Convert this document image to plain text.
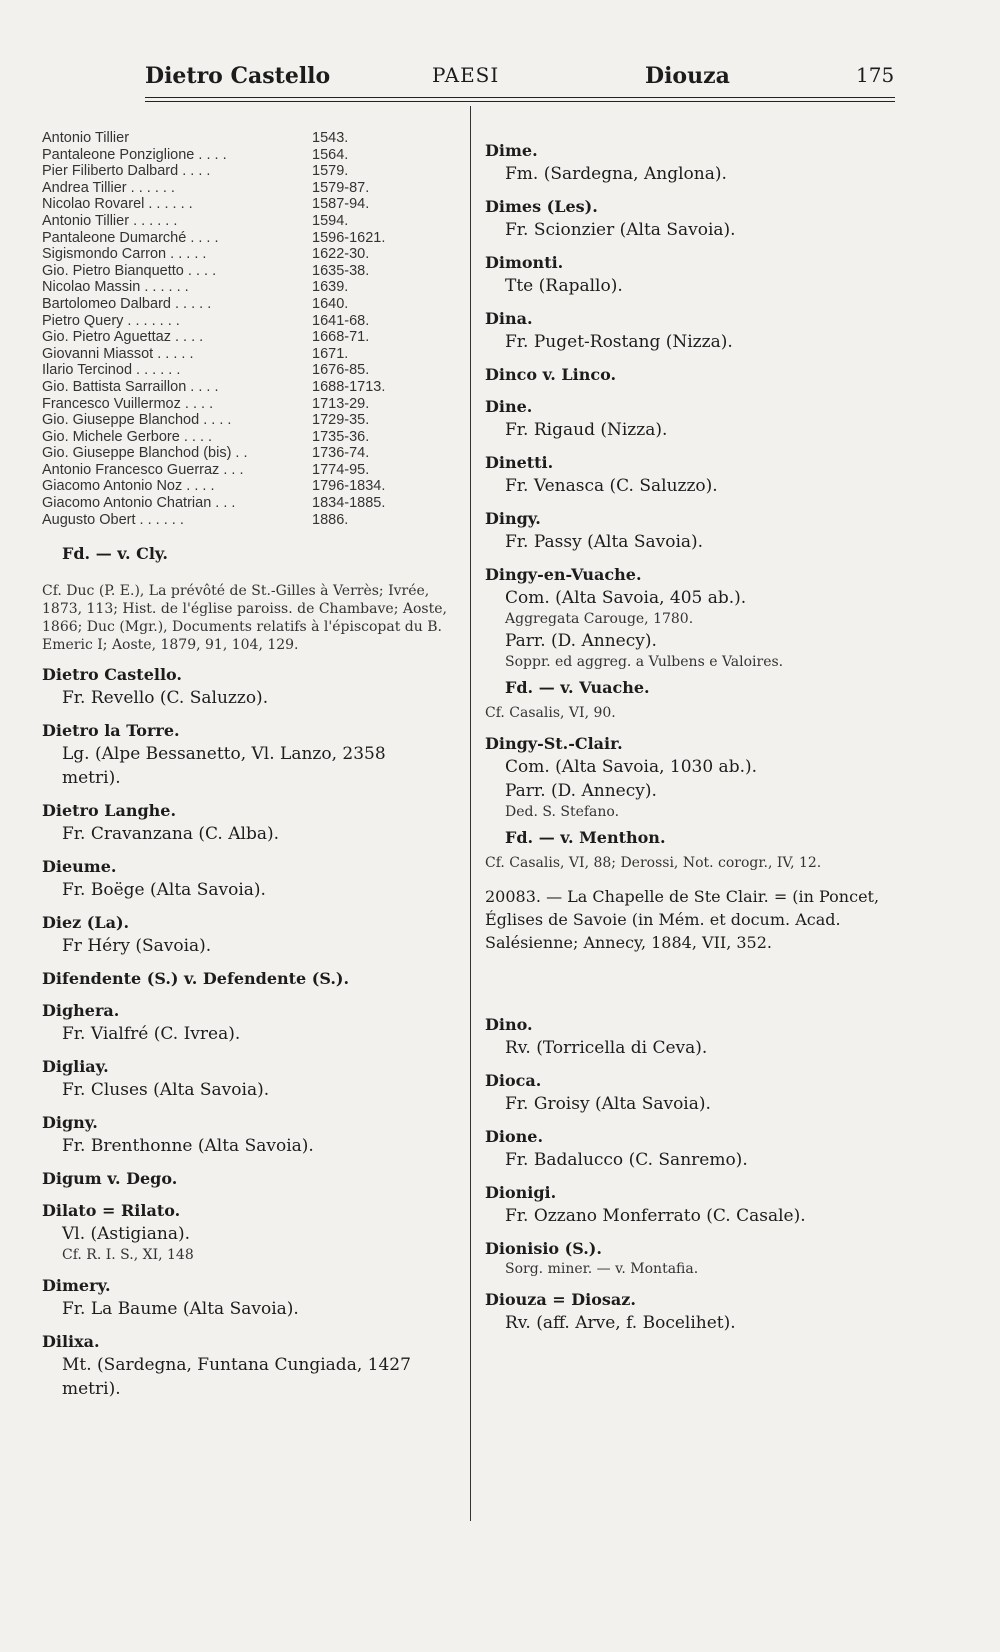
Dietro Castello	PAESI	Diouza	175
Antonio Tillier	1543.
Pantaleone Ponziglione . . . .	1564.
Pier Filiberto Dalbard . . . .	1579.
Andrea Tillier . . . . . .	1579-87.
Nicolao Rovarel . . . . . .	1587-94.
Antonio Tillier . . . . . .	1594.
Pantaleone Dumarché . . . .	1596-1621.
Sigismondo Carron . . . . .	1622-30.
Gio. Pietro Bianquetto . . . .	1635-38.
Nicolao Massin . . . . . .	1639.
Bartolomeo Dalbard . . . . .	1640.
Pietro Query . . . . . . .	1641-68.
Gio. Pietro Aguettaz . . . .	1668-71.
Giovanni Miassot . . . . .	1671.
Ilario Tercinod . . . . . .	1676-85.
Gio. Battista Sarraillon . . . .	1688-1713.
Francesco Vuillermoz . . . .	1713-29.
Gio. Giuseppe Blanchod . . . .	1729-35.
Gio. Michele Gerbore . . . .	1735-36.
Gio. Giuseppe Blanchod (bis) . .	1736-74.
Antonio Francesco Guerraz . . .	1774-95.
Giacomo Antonio Noz . . . .	1796-1834.
Giacomo Antonio Chatrian . . .	1834-1885.
Augusto Obert . . . . . .	1886.
Fd. — v. Cly.
Cf. Duc (P. E.), La prévôté de St.-Gilles à Verrès; Ivrée, 1873, 113; Hist. de l'église paroiss. de Chambave; Aoste, 1866; Duc (Mgr.), Documents relatifs à l'épiscopat du B. Emeric I; Aoste, 1879, 91, 104, 129.
Dietro Castello.
Fr. Revello (C. Saluzzo).
Dietro la Torre.
Lg. (Alpe Bessanetto, Vl. Lanzo, 2358
metri).
Dietro Langhe.
Fr. Cravanzana (C. Alba).
Dieume.
Fr. Boëge (Alta Savoia).
Diez (La).
Fr Héry (Savoia).
Difendente (S.) v. Defendente (S.).
Dighera.
Fr. Vialfré (C. Ivrea).
Digliay.
Fr. Cluses (Alta Savoia).
Digny.
Fr. Brenthonne (Alta Savoia).
Digum v. Dego.
Dilato = Rilato.
Vl. (Astigiana).
Cf. R. I. S., XI, 148
Dimery.
Fr. La Baume (Alta Savoia).
Dilixa.
Mt. (Sardegna, Funtana Cungiada, 1427
metri).
Dime.
Fm. (Sardegna, Anglona).
Dimes (Les).
Fr. Scionzier (Alta Savoia).
Dimonti.
Tte (Rapallo).
Dina.
Fr. Puget-Rostang (Nizza).
Dinco v. Linco.
Dine.
Fr. Rigaud (Nizza).
Dinetti.
Fr. Venasca (C. Saluzzo).
Dingy.
Fr. Passy (Alta Savoia).
Dingy-en-Vuache.
Com. (Alta Savoia, 405 ab.).
Aggregata Carouge, 1780.
Parr. (D. Annecy).
Soppr. ed aggreg. a Vulbens e Valoires.
Fd. — v. Vuache.
Cf. Casalis, VI, 90.
Dingy-St.-Clair.
Com. (Alta Savoia, 1030 ab.).
Parr. (D. Annecy).
Ded. S. Stefano.
Fd. — v. Menthon.
Cf. Casalis, VI, 88; Derossi, Not. corogr., IV, 12.
20083. — La Chapelle de Ste Clair. = (in Poncet, Églises de Savoie (in Mém. et docum. Acad. Salésienne; Annecy, 1884, VII, 352.
Dino.
Rv. (Torricella di Ceva).
Dioca.
Fr. Groisy (Alta Savoia).
Dione.
Fr. Badalucco (C. Sanremo).
Dionigi.
Fr. Ozzano Monferrato (C. Casale).
Dionisio (S.).
Sorg. miner. — v. Montafia.
Diouza = Diosaz.
Rv. (aff. Arve, f. Bocelihet).
